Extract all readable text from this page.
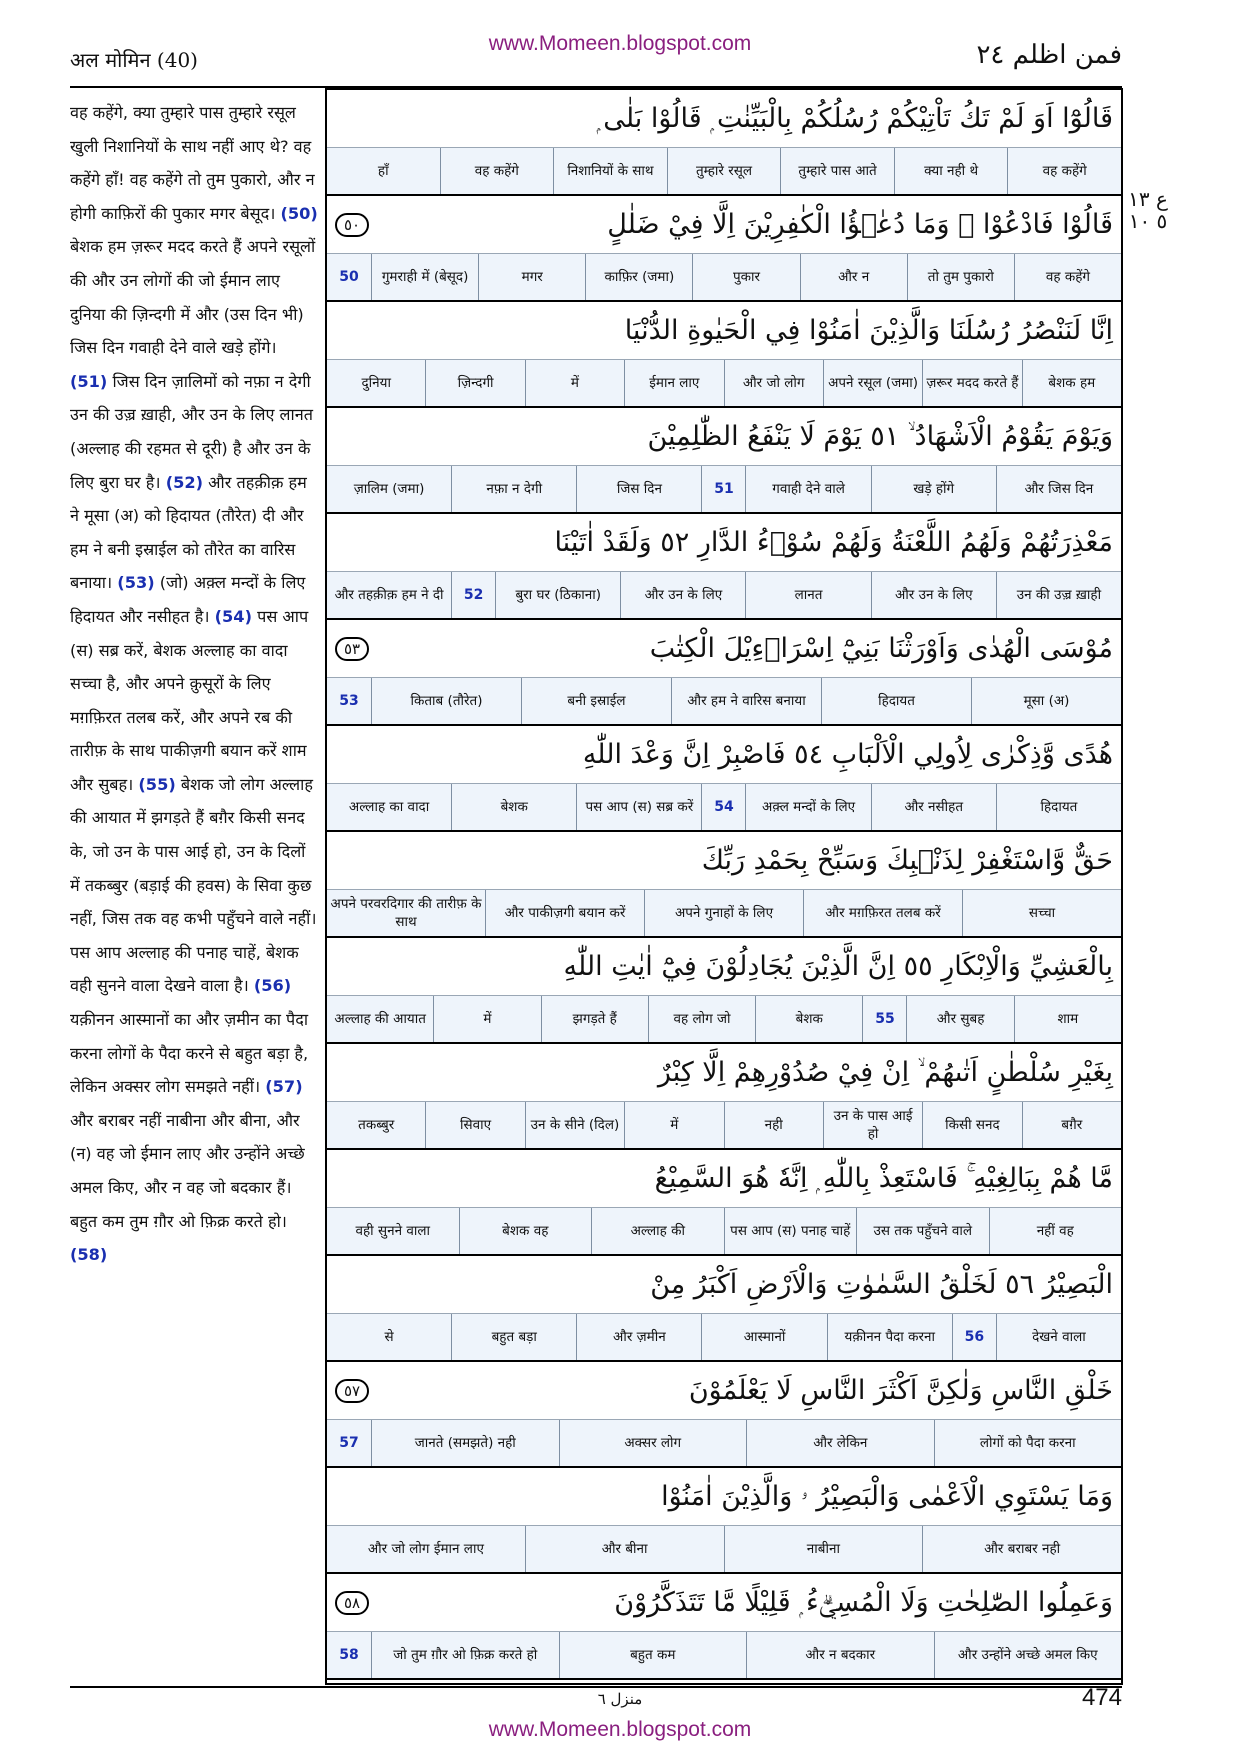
www.Momeen.blogspot.com
अल मोमिन (40)	فمن اظلم ٢٤
ع ١٣ ٥ ١٠
वह कहेंगे, क्या तुम्हारे पास तुम्हारे रसूल खुली निशानियों के साथ नहीं आए थे? वह कहेंगे हाँ! वह कहेंगे तो तुम पुकारो, और न होगी काफ़िरों की पुकार मगर बेसूद। (50) बेशक हम ज़रूर मदद करते हैं अपने रसूलों की और उन लोगों की जो ईमान लाए दुनिया की ज़िन्दगी में और (उस दिन भी) जिस दिन गवाही देने वाले खड़े होंगे। (51) जिस दिन ज़ालिमों को नफ़ा न देगी उन की उज़्र ख़ाही, और उन के लिए लानत (अल्लाह की रहमत से दूरी) है और उन के लिए बुरा घर है। (52) और तहक़ीक़ हम ने मूसा (अ) को हिदायत (तौरेत) दी और हम ने बनी इस्राईल को तौरेत का वारिस बनाया। (53) (जो) अक़्ल मन्दों के लिए हिदायत और नसीहत है। (54) पस आप (स) सब्र करें, बेशक अल्लाह का वादा सच्चा है, और अपने क़ुसूरों के लिए मग़फ़िरत तलब करें, और अपने रब की तारीफ़ के साथ पाकीज़गी बयान करें शाम और सुबह। (55) बेशक जो लोग अल्लाह की आयात में झगड़ते हैं बग़ैर किसी सनद के, जो उन के पास आई हो, उन के दिलों में तकब्बुर (बड़ाई की हवस) के सिवा कुछ नहीं, जिस तक वह कभी पहुँचने वाले नहीं। पस आप अल्लाह की पनाह चाहें, बेशक वही सुनने वाला देखने वाला है। (56) यक़ीनन आस्मानों का और ज़मीन का पैदा करना लोगों के पैदा करने से बहुत बड़ा है, लेकिन अक्सर लोग समझते नहीं। (57) और बराबर नहीं नाबीना और बीना, और (न) वह जो ईमान लाए और उन्होंने अच्छे अमल किए, और न वह जो बदकार हैं। बहुत कम तुम ग़ौर ओ फ़िक्र करते हो। (58)
قَالُوْٓا اَوَ لَمْ تَكُ تَاْتِيْكُمْ رُسُلُكُمْ بِالْبَيِّنٰتِ ۭ قَالُوْا بَلٰى ۭ
वह कहेंगे
क्या नही थे
तुम्हारे पास आते
तुम्हारे रसूल
निशानियों के साथ
वह कहेंगे
हाँ
قَالُوْا فَادْعُوْا ۚ وَمَا دُعٰۗؤُا الْكٰفِرِيْنَ اِلَّا فِيْ ضَلٰلٍ
٥٠
वह कहेंगे
तो तुम पुकारो
और न
पुकार
काफ़िर (जमा)
मगर
गुमराही में (बेसूद)
50
اِنَّا لَنَنْصُرُ رُسُلَنَا وَالَّذِيْنَ اٰمَنُوْا فِي الْحَيٰوةِ الدُّنْيَا
बेशक हम
ज़रूर मदद करते हैं
अपने रसूल (जमा)
और जो लोग
ईमान लाए
में
ज़िन्दगी
दुनिया
وَيَوْمَ يَقُوْمُ الْاَشْهَادُ ۙ ٥١ يَوْمَ لَا يَنْفَعُ الظّٰلِمِيْنَ
और जिस दिन
खड़े होंगे
गवाही देने वाले
51
जिस दिन
नफ़ा न देगी
ज़ालिम (जमा)
مَعْذِرَتُهُمْ وَلَهُمُ اللَّعْنَةُ وَلَهُمْ سُوْۗءُ الدَّارِ ٥٢ وَلَقَدْ اٰتَيْنَا
उन की उज़्र ख़ाही
और उन के लिए
लानत
और उन के लिए
बुरा घर (ठिकाना)
52
और तहक़ीक़ हम ने दी
مُوْسَى الْهُدٰى وَاَوْرَثْنَا بَنِيْٓ اِسْرَاۗءِيْلَ الْكِتٰبَ
٥٣
मूसा (अ)
हिदायत
और हम ने वारिस बनाया
बनी इस्राईल
किताब (तौरेत)
53
هُدًى وَّذِكْرٰى لِاُولِي الْاَلْبَابِ ٥٤ فَاصْبِرْ اِنَّ وَعْدَ اللّٰهِ
हिदायत
और नसीहत
अक़्ल मन्दों के लिए
54
पस आप (स) सब्र करें
बेशक
अल्लाह का वादा
حَقٌّ وَّاسْتَغْفِرْ لِذَنْۢبِكَ وَسَبِّحْ بِحَمْدِ رَبِّكَ
सच्चा
और मग़फ़िरत तलब करें
अपने गुनाहों के लिए
और पाकीज़गी बयान करें
अपने परवरदिगार की तारीफ़ के साथ
بِالْعَشِيِّ وَالْاِبْكَارِ ٥٥ اِنَّ الَّذِيْنَ يُجَادِلُوْنَ فِيْٓ اٰيٰتِ اللّٰهِ
शाम
और सुबह
55
बेशक
वह लोग जो
झगड़ते हैं
में
अल्लाह की आयात
بِغَيْرِ سُلْطٰنٍ اَتٰىهُمْ ۙ اِنْ فِيْ صُدُوْرِهِمْ اِلَّا كِبْرٌ
बग़ैर
किसी सनद
उन के पास आई हो
नही
में
उन के सीने (दिल)
सिवाए
तकब्बुर
مَّا هُمْ بِبَالِغِيْهِ ۚ فَاسْتَعِذْ بِاللّٰهِ ۭ اِنَّهٗ هُوَ السَّمِيْعُ
नहीं वह
उस तक पहुँचने वाले
पस आप (स) पनाह चाहें
अल्लाह की
बेशक वह
वही सुनने वाला
الْبَصِيْرُ ٥٦ لَخَلْقُ السَّمٰوٰتِ وَالْاَرْضِ اَكْبَرُ مِنْ
देखने वाला
56
यक़ीनन पैदा करना
आस्मानों
और ज़मीन
बहुत बड़ा
से
خَلْقِ النَّاسِ وَلٰكِنَّ اَكْثَرَ النَّاسِ لَا يَعْلَمُوْنَ
٥٧
लोगों को पैदा करना
और लेकिन
अक्सर लोग
जानते (समझते) नही
57
وَمَا يَسْتَوِي الْاَعْمٰى وَالْبَصِيْرُ ۥ وَالَّذِيْنَ اٰمَنُوْا
और बराबर नही
नाबीना
और बीना
और जो लोग ईमान लाए
وَعَمِلُوا الصّٰلِحٰتِ وَلَا الْمُسِيْۗءُ ۭ قَلِيْلًا مَّا تَتَذَكَّرُوْنَ
٥٨
और उन्होंने अच्छे अमल किए
और न बदकार
बहुत कम
जो तुम ग़ौर ओ फ़िक्र करते हो
58
منزل ٦	474
www.Momeen.blogspot.com
